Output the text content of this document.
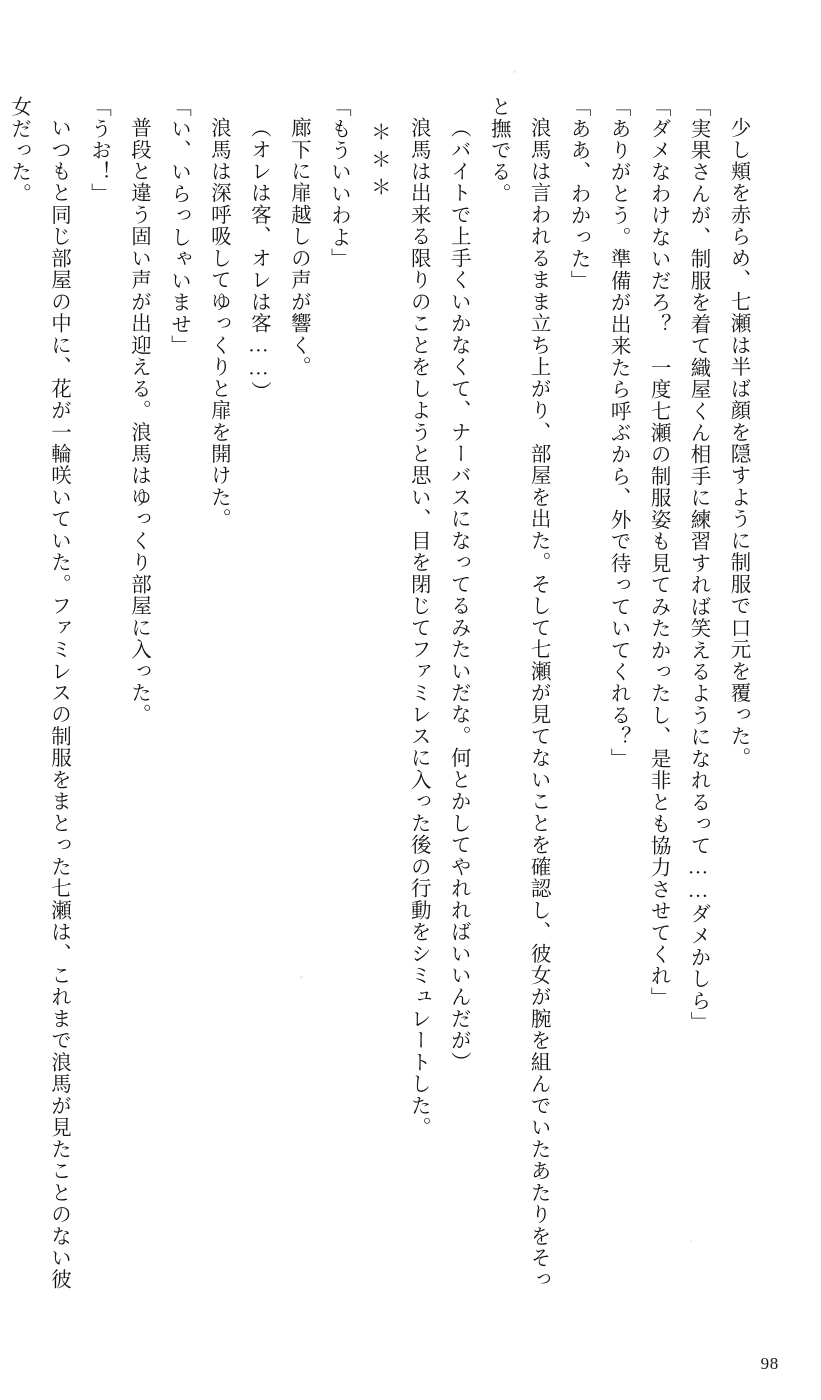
少し頬を赤らめ、七瀬は半ば顔を隠すように制服で口元を覆った。

「実果さんが、制服を着て織屋くん相手に練習すれば笑えるようになれるって……ダメかしら」

「ダメなわけないだろ？　一度七瀬の制服姿も見てみたかったし、是非とも協力させてくれ」

「ありがとう。準備が出来たら呼ぶから、外で待っていてくれる？」

「ああ、わかった」

浪馬は言われるまま立ち上がり、部屋を出た。そして七瀬が見てないことを確認し、彼女が腕を組んでいたあたりをそっと撫でる。

（バイトで上手くいかなくて、ナーバスになってるみたいだな。何とかしてやれればいいんだが）

浪馬は出来る限りのことをしようと思い、目を閉じてファミレスに入った後の行動をシミュレートした。

＊＊＊

「もういいわよ」

廊下に扉越しの声が響く。

（オレは客、オレは客……）

浪馬は深呼吸してゆっくりと扉を開けた。

「い、いらっしゃいませ」

普段と違う固い声が出迎える。浪馬はゆっくり部屋に入った。

「うお！」

いつもと同じ部屋の中に、花が一輪咲いていた。ファミレスの制服をまとった七瀬は、これまで浪馬が見たことのない彼女だった。

98
